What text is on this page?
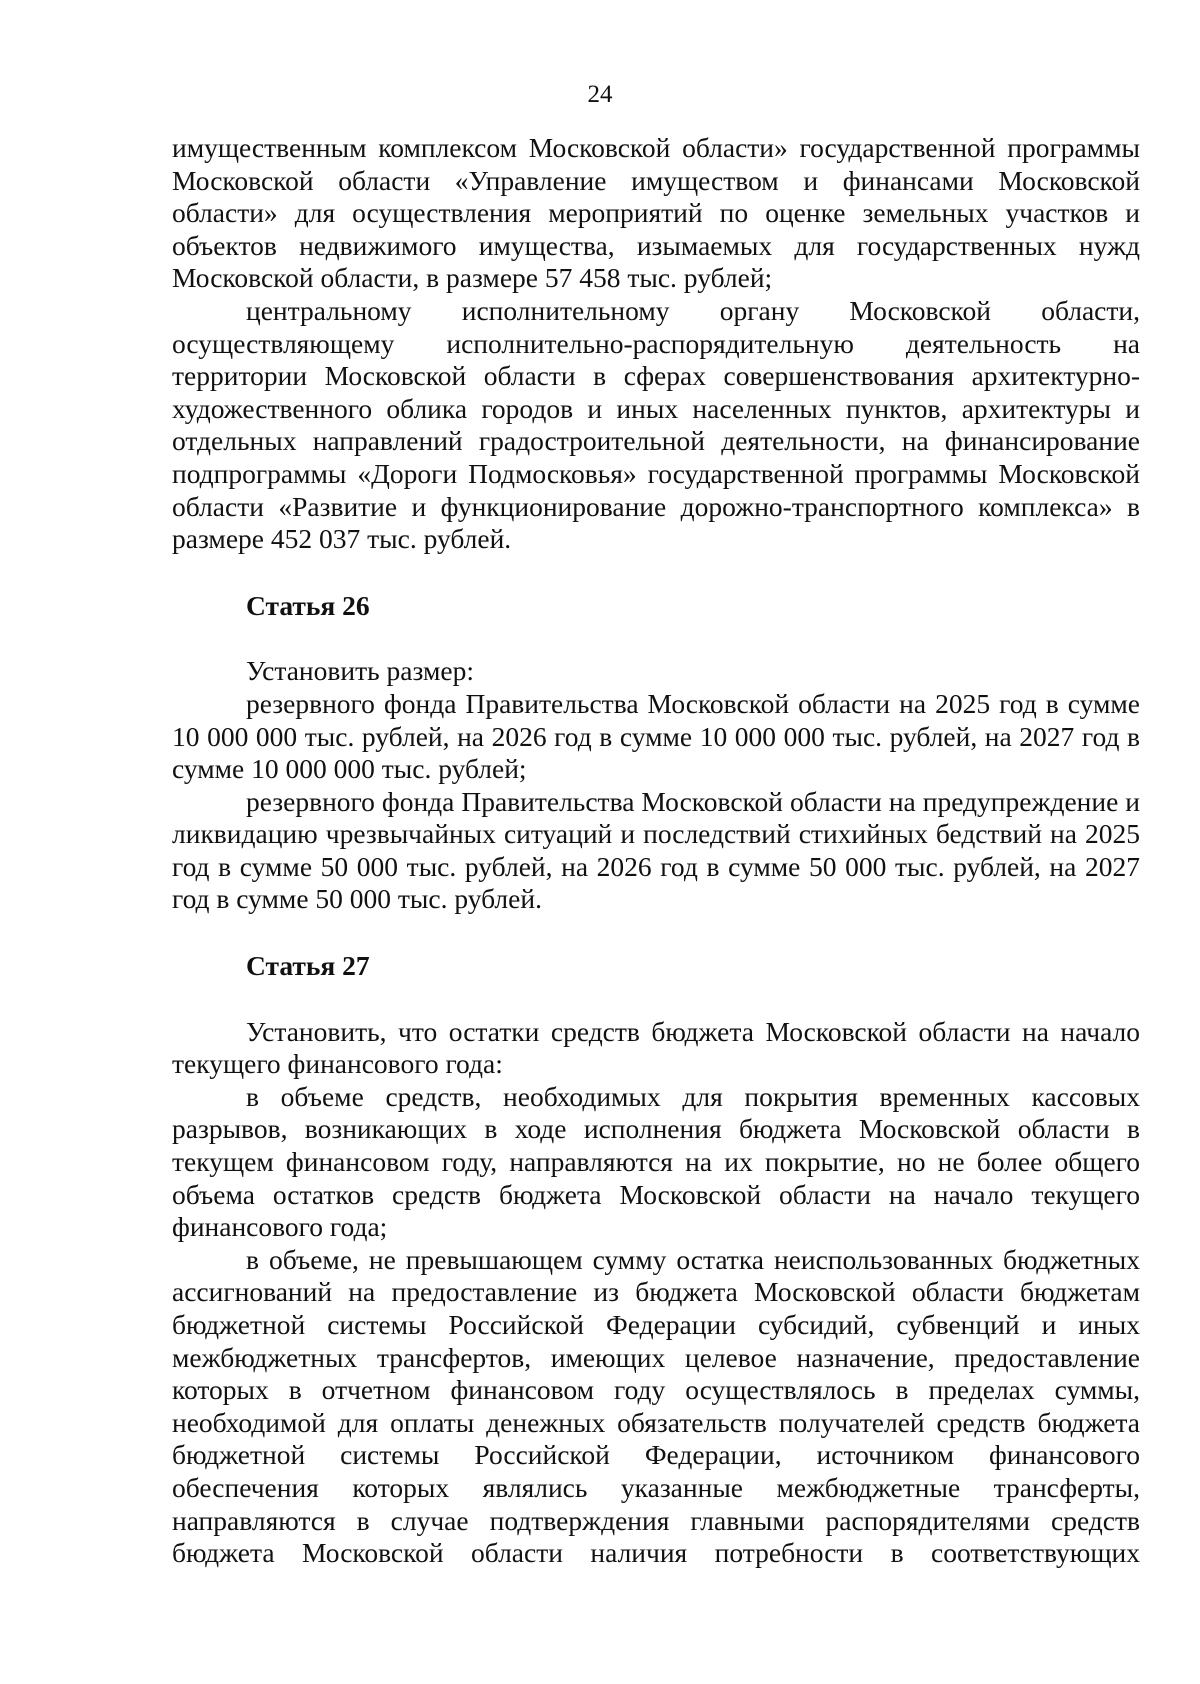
24

имущественным комплексом Московской области» государственной программы Московской области «Управление имуществом и финансами Московской области» для осуществления мероприятий по оценке земельных участков и объектов недвижимого имущества, изымаемых для государственных нужд Московской области, в размере 57 458 тыс. рублей;

центральному исполнительному органу Московской области, осуществляющему исполнительно-распорядительную деятельность на территории Московской области в сферах совершенствования архитектурно-художественного облика городов и иных населенных пунктов, архитектуры и отдельных направлений градостроительной деятельности, на финансирование подпрограммы «Дороги Подмосковья» государственной программы Московской области «Развитие и функционирование дорожно-транспортного комплекса» в размере 452 037 тыс. рублей.

Статья 26

Установить размер:

резервного фонда Правительства Московской области на 2025 год в сумме 10 000 000 тыс. рублей, на 2026 год в сумме 10 000 000 тыс. рублей, на 2027 год в сумме 10 000 000 тыс. рублей;

резервного фонда Правительства Московской области на предупреждение и ликвидацию чрезвычайных ситуаций и последствий стихийных бедствий на 2025 год в сумме 50 000 тыс. рублей, на 2026 год в сумме 50 000 тыс. рублей, на 2027 год в сумме 50 000 тыс. рублей.

Статья 27

Установить, что остатки средств бюджета Московской области на начало текущего финансового года:

в объеме средств, необходимых для покрытия временных кассовых разрывов, возникающих в ходе исполнения бюджета Московской области в текущем финансовом году, направляются на их покрытие, но не более общего объема остатков средств бюджета Московской области на начало текущего финансового года;

в объеме, не превышающем сумму остатка неиспользованных бюджетных ассигнований на предоставление из бюджета Московской области бюджетам бюджетной системы Российской Федерации субсидий, субвенций и иных межбюджетных трансфертов, имеющих целевое назначение, предоставление которых в отчетном финансовом году осуществлялось в пределах суммы, необходимой для оплаты денежных обязательств получателей средств бюджета бюджетной системы Российской Федерации, источником финансового обеспечения которых являлись указанные межбюджетные трансферты, направляются в случае подтверждения главными распорядителями средств бюджета Московской области наличия потребности в соответствующих
